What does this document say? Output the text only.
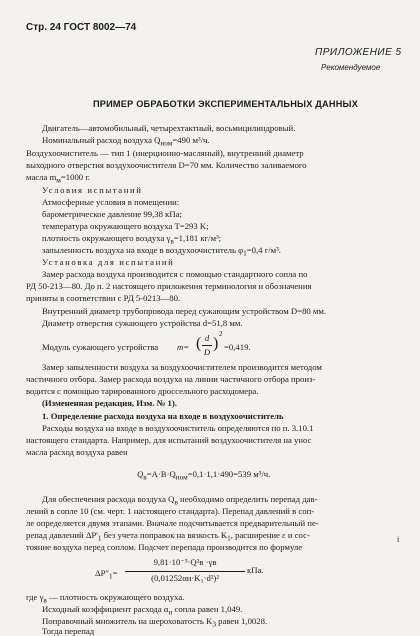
Стр. 24 ГОСТ 8002—74
ПРИЛОЖЕНИЕ 5
Рекомендуемое
ПРИМЕР ОБРАБОТКИ ЭКСПЕРИМЕНТАЛЬНЫХ ДАННЫХ
Двигатель—автомобильный, четырехтактный, восьмицилиндровый.
Номинальный расход воздуха $Q_{ном}=490$ м³/ч.
Воздухоочиститель — тип 1 (инерционно-масляный), внутренний диаметр
выходного отверстия воздухоочистителя D=70 мм. Количество заливаемого
масла $m_м=1000$ г.
Условия испытаний
Атмосферные условия в помещении:
барометрическое давление 99,38 кПа;
температура окружающего воздуха T=293 K;
плотность окружающего воздуха $\gamma_в=1,181$ кг/м³;
запыленность воздуха на входе в воздухоочиститель $\varphi_1=0,4$ г/м³.
Установка для испытаний
Замер расхода воздуха производится с помощью стандартного сопла по
РД 50-213—80. До п. 2 настоящего приложения терминология и обозначения
приняты в соответствии с РД 5-0213—80.
Внутренний диаметр трубопровода перед сужающим устройством D=80 мм.
Диаметр отверстия сужающего устройства d=51,8 мм.
Модуль сужающего устройства m= ( d
D )
2
=0,419.
Замер запыленности воздуха за воздухоочистителем производится методом
частичного отбора. Замер расхода воздуха на линии частичного отбора произ-
водится с помощью тарированного дроссельного расходомера.
(Измененная редакция, Изм. № 1).
1. Определение расхода воздуха на входе в воздухоочиститель
Расходы воздуха на входе в воздухоочиститель определяются по п. 3.10.1
настоящего стандарта. Например, для испытаний воздухоочистителя на унос
масла расход воздуха равен
$Q_в=A\cdot B\cdot Q_{ном}=0,1\cdot 1,1\cdot 490=539$ м³/ч.
Для обеспечения расхода воздуха $Q_в$ необходимо определить перепад дав-
лений в сопле 10 (см. черт. 1 настоящего стандарта). Перепад давлений в соп-
ле определяется двумя этапами. Вначале подсчитывается предварительный пе-
репад давлений $\Delta P'_1$ без учета поправок на вязкость $K_1$, расширение ε и сос-
тояние воздуха перед соплом. Подсчет перепада производится по формуле
$\Delta P''_1=$
9,81·10⁻³·Q²в ·γв
(0,01252αи·K₃·d²)²
кПа.
где $\gamma_в$ — плотность окружающего воздуха.
Исходный коэффициент расхода $\alpha_и$ сопла равен 1,049.
Поправочный множитель на шероховатость $K_3$ равен 1,0028.
Тогда перепад
i
